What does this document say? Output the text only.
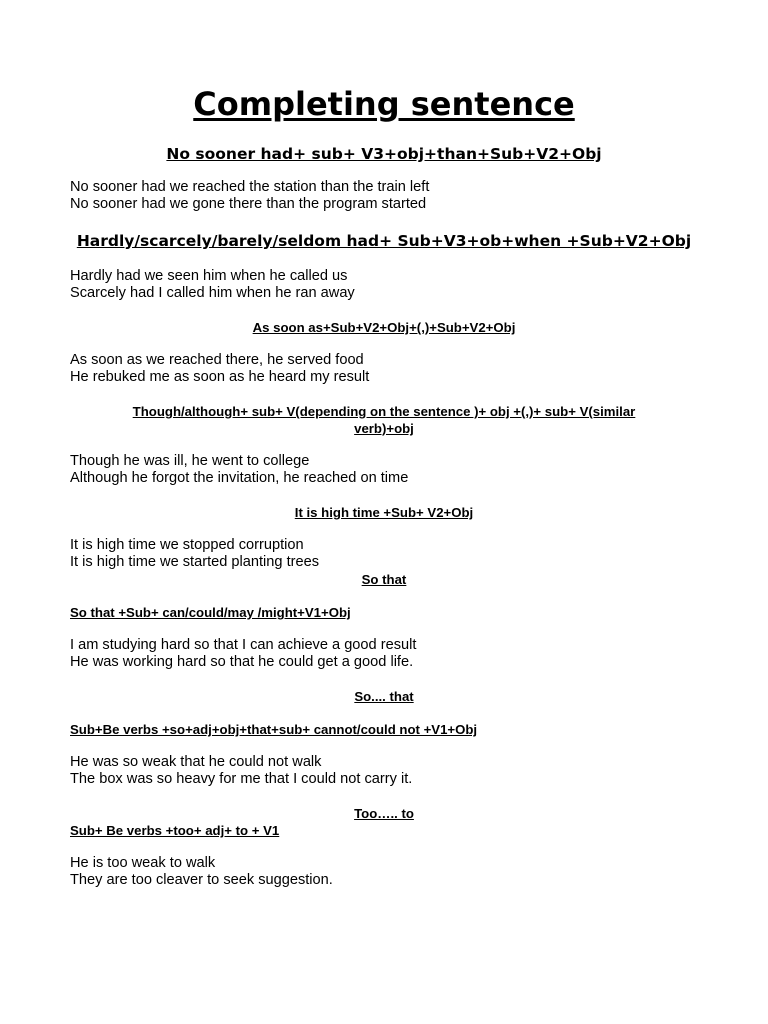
Completing sentence
No sooner had+ sub+ V3+obj+than+Sub+V2+Obj
No sooner had we reached the station than the train left
No sooner had we gone there than the program started
Hardly/scarcely/barely/seldom had+ Sub+V3+ob+when +Sub+V2+Obj
Hardly had we seen him when he called us
Scarcely had I called him when he ran away
As soon as+Sub+V2+Obj+(,)+Sub+V2+Obj
As soon as we reached there, he served food
He rebuked me as soon as he heard my result
Though/although+ sub+ V(depending on the sentence )+ obj +(,)+ sub+ V(similar verb)+obj
Though he was ill, he went to college
Although he forgot the invitation, he reached on time
It is high time +Sub+ V2+Obj
It is high time we stopped corruption
It is high time we started planting trees
So that
So that +Sub+ can/could/may /might+V1+Obj
I am studying hard so that I can achieve a good result
He was working hard so that he could get a good life.
So.... that
Sub+Be verbs +so+adj+obj+that+sub+ cannot/could not +V1+Obj
He was so weak that he could not walk
The box was so heavy for me that I could not carry it.
Too….. to
Sub+ Be verbs +too+ adj+ to + V1
He is too weak to walk
They are too cleaver to seek suggestion.
